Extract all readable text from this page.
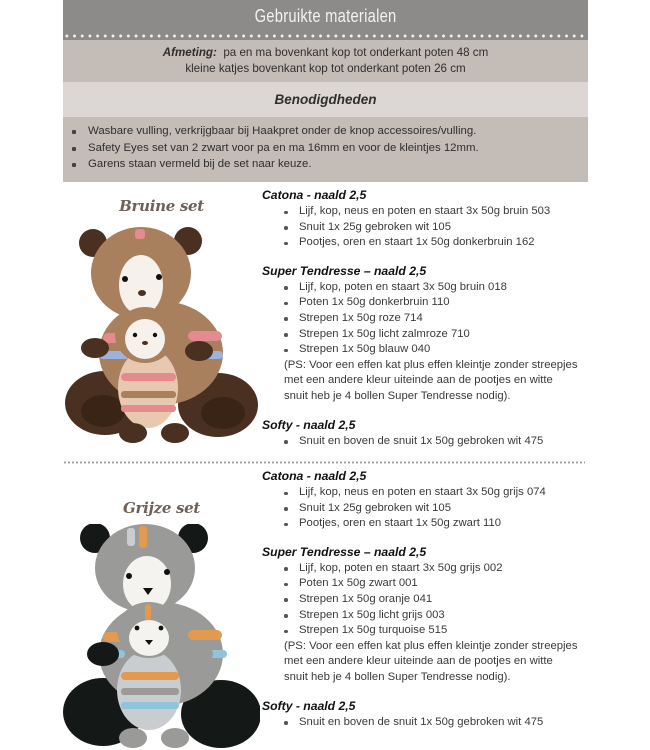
Gebruikte materialen
Afmeting: pa en ma bovenkant kop tot onderkant poten 48 cm
kleine katjes bovenkant kop tot onderkant poten 26 cm
Benodigdheden
Wasbare vulling, verkrijgbaar bij Haakpret onder de knop accessoires/vulling.
Safety Eyes set van 2 zwart voor pa en ma 16mm en voor de kleintjes 12mm.
Garens staan vermeld bij de set naar keuze.
Bruine set
Catona - naald 2,5
Lijf, kop, neus en poten en staart 3x 50g bruin 503
Snuit 1x 25g gebroken wit 105
Pootjes, oren en staart 1x 50g donkerbruin 162
Super Tendresse – naald 2,5
Lijf, kop, poten en staart 3x 50g bruin 018
Poten 1x 50g donkerbruin 110
Strepen 1x 50g roze 714
Strepen 1x 50g licht zalmroze 710
Strepen 1x 50g blauw 040
(PS: Voor een effen kat plus effen kleintje zonder streepjes
met een andere kleur uiteinde aan de pootjes en witte
snuit heb je 4 bollen Super Tendresse nodig).
Softy - naald 2,5
Snuit en boven de snuit 1x 50g gebroken wit 475
Grijze set
Catona - naald 2,5
Lijf, kop, neus en poten en staart 3x 50g grijs 074
Snuit 1x 25g gebroken wit 105
Pootjes, oren en staart 1x 50g zwart 110
Super Tendresse – naald 2,5
Lijf, kop, poten en staart 3x 50g grijs 002
Poten 1x 50g zwart 001
Strepen 1x 50g oranje 041
Strepen 1x 50g licht grijs 003
Strepen 1x 50g turquoise 515
(PS: Voor een effen kat plus effen kleintje zonder streepjes
met een andere kleur uiteinde aan de pootjes en witte
snuit heb je 4 bollen Super Tendresse nodig).
Softy - naald 2,5
Snuit en boven de snuit 1x 50g gebroken wit 475
